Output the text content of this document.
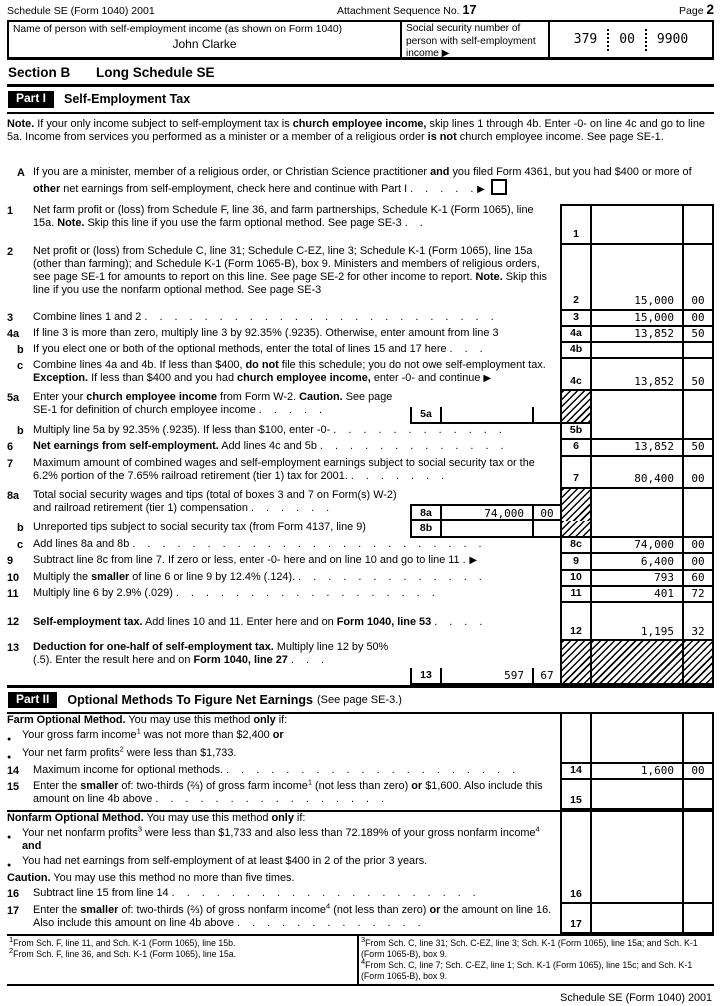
Schedule SE (Form 1040) 2001	Attachment Sequence No. 17	Page 2
Name of person with self-employment income (as shown on Form 1040)
John Clarke
Social security number of person with self-employment income ▶
379 00 9900
Section B Long Schedule SE
Part I	Self-Employment Tax
Note. If your only income subject to self-employment tax is church employee income, skip lines 1 through 4b. Enter -0- on line 4c and go to line 5a. Income from services you performed as a minister or a member of a religious order is not church employee income. See page SE-1.
A If you are a minister, member of a religious order, or Christian Science practitioner and you filed Form 4361, but you had $400 or more of other net earnings from self-employment, check here and continue with Part I . . . . . ▶
1	Net farm profit or (loss) from Schedule F, line 36, and farm partnerships, Schedule K-1 (Form 1065), line 15a. Note. Skip this line if you use the farm optional method. See page SE-3 . .
1
2	Net profit or (loss) from Schedule C, line 31; Schedule C-EZ, line 3; Schedule K-1 (Form 1065), line 15a (other than farming); and Schedule K-1 (Form 1065-B), box 9. Ministers and members of religious orders, see page SE-1 for amounts to report on this line. See page SE-2 for other income to report. Note. Skip this line if you use the nonfarm optional method. See page SE-3
2	15,000	00
3	Combine lines 1 and 2 . . . . . . . . . . . . . . . . . . . . . . . .	3	15,000	00
4a	If line 3 is more than zero, multiply line 3 by 92.35% (.9235). Otherwise, enter amount from line 3	4a	13,852	50
b If you elect one or both of the optional methods, enter the total of lines 15 and 17 here . . .	4b
c Combine lines 4a and 4b. If less than $400, do not file this schedule; you do not owe self-employment tax. Exception. If less than $400 and you had church employee income, enter -0- and continue ▶	4c	13,852	50
5a	Enter your church employee income from Form W-2. Caution. See page SE-1 for definition of church employee income . . . . .	5a
b Multiply line 5a by 92.35% (.9235). If less than $100, enter -0- . . . . . . . . . . . .	5b
6	Net earnings from self-employment. Add lines 4c and 5b . . . . . . . . . . . . .	6	13,852	50
7	Maximum amount of combined wages and self-employment earnings subject to social security tax or the 6.2% portion of the 7.65% railroad retirement (tier 1) tax for 2001. . . . . . . .	7	80,400	00
8a	Total social security wages and tips (total of boxes 3 and 7 on Form(s) W-2) and railroad retirement (tier 1) compensation . . . . . .	8a	74,000	00
b Unreported tips subject to social security tax (from Form 4137, line 9)	8b
c Add lines 8a and 8b . . . . . . . . . . . . . . . . . . . . . . . .	8c	74,000	00
9	Subtract line 8c from line 7. If zero or less, enter -0- here and on line 10 and go to line 11 . ▶	9	6,400	00
10	Multiply the smaller of line 6 or line 9 by 12.4% (.124). . . . . . . . . . . . . .	10	793	60
11	Multiply line 6 by 2.9% (.029) . . . . . . . . . . . . . . . . . .	11	401	72
12	Self-employment tax. Add lines 10 and 11. Enter here and on Form 1040, line 53 . . . .
12	1,195	32
13	Deduction for one-half of self-employment tax. Multiply line 12 by 50% (.5). Enter the result here and on Form 1040, line 27 . . .
13	597	67
Part II	Optional Methods To Figure Net Earnings (See page SE-3.)
Farm Optional Method. You may use this method only if:
● Your gross farm income$^1$ was not more than $2,400 or
● Your net farm profits$^2$ were less than $1,733.
14	Maximum income for optional methods. . . . . . . . . . . . . . . . . . . . .	14	1,600	00
15	Enter the smaller of: two-thirds (⅔) of gross farm income$^1$ (not less than zero) or $1,600. Also include this amount on line 4b above . . . . . . . . . . . . . . . .	15
Nonfarm Optional Method. You may use this method only if:
● Your net nonfarm profits$^3$ were less than $1,733 and also less than 72.189% of your gross nonfarm income$^4$ and
● You had net earnings from self-employment of at least $400 in 2 of the prior 3 years.
Caution. You may use this method no more than five times.
16	Subtract line 15 from line 14 . . . . . . . . . . . . . . . . . . . . .	16
17	Enter the smaller of: two-thirds (⅔) of gross nonfarm income$^4$ (not less than zero) or the amount on line 16. Also include this amount on line 4b above . . . . . . . . . . . . .	17
$^1$From Sch. F, line 11, and Sch. K-1 (Form 1065), line 15b.
$^2$From Sch. F, line 36, and Sch. K-1 (Form 1065), line 15a.
$^3$From Sch. C, line 31; Sch. C-EZ, line 3; Sch. K-1 (Form 1065), line 15a; and Sch. K-1 (Form 1065-B), box 9.
$^4$From Sch. C, line 7; Sch. C-EZ, line 1; Sch. K-1 (Form 1065), line 15c; and Sch. K-1 (Form 1065-B), box 9.
Schedule SE (Form 1040) 2001
